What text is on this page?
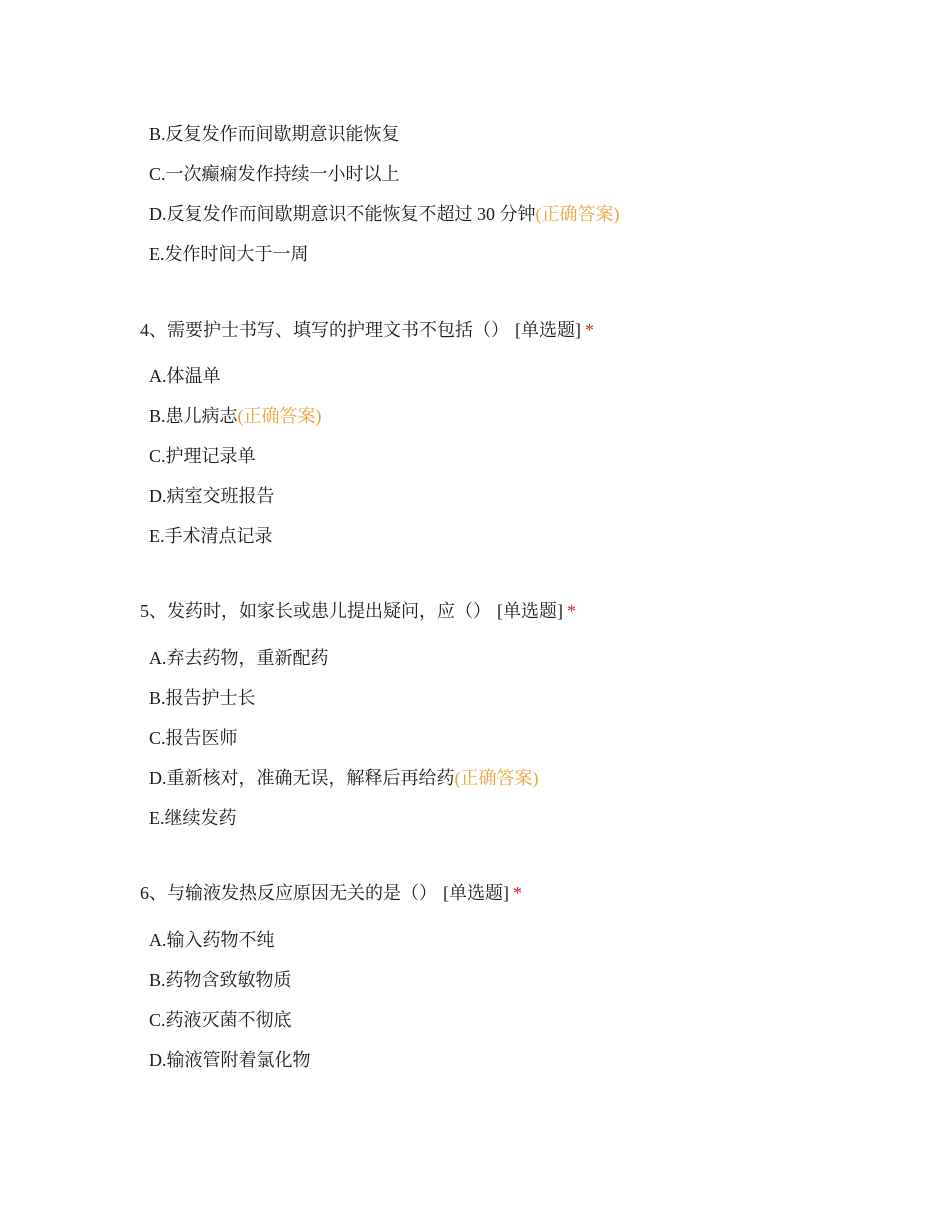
B.反复发作而间歇期意识能恢复
C.一次癫痫发作持续一小时以上
D.反复发作而间歇期意识不能恢复不超过 30 分钟(正确答案)
E.发作时间大于一周
4、需要护士书写、填写的护理文书不包括（） [单选题] *
A.体温单
B.患儿病志(正确答案)
C.护理记录单
D.病室交班报告
E.手术清点记录
5、发药时，如家长或患儿提出疑问，应（） [单选题] *
A.弃去药物，重新配药
B.报告护士长
C.报告医师
D.重新核对，准确无误，解释后再给药(正确答案)
E.继续发药
6、与输液发热反应原因无关的是（） [单选题] *
A.输入药物不纯
B.药物含致敏物质
C.药液灭菌不彻底
D.输液管附着氯化物
